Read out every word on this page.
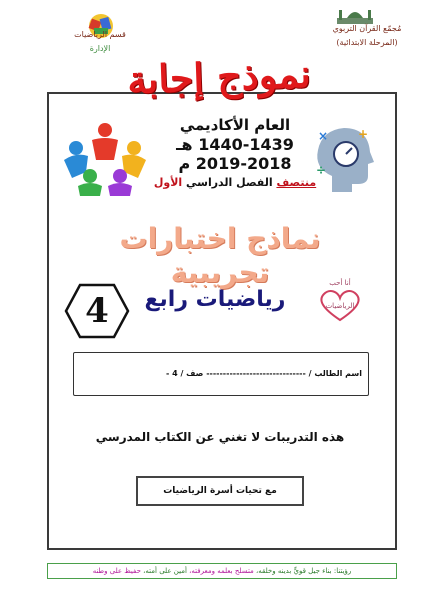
مُجمّع القرآن التربوي
(المرحلة الابتدائية)
قسم الرياضيات
الإدارة
نموذج إجابة
× +
÷
العام الأكاديمي
1440-1439 هـ
2019-2018 م
منتصف الفصل الدراسي الأول
نماذج اختبارات تجريبية
4	رياضيات رابع
أنا أحب
الرياضيات
اسم الطالب / ------------------------------ صف / 4 -
هذه التدريبات لا تغني عن الكتاب المدرسي
مع تحيات أسرة الرياضيات
رؤيتنا: بناء جيل قويٍّ بدينه وخلقه، متسلح بعلمه ومعرفته، أمين على أمته، حفيظ على وطنه
